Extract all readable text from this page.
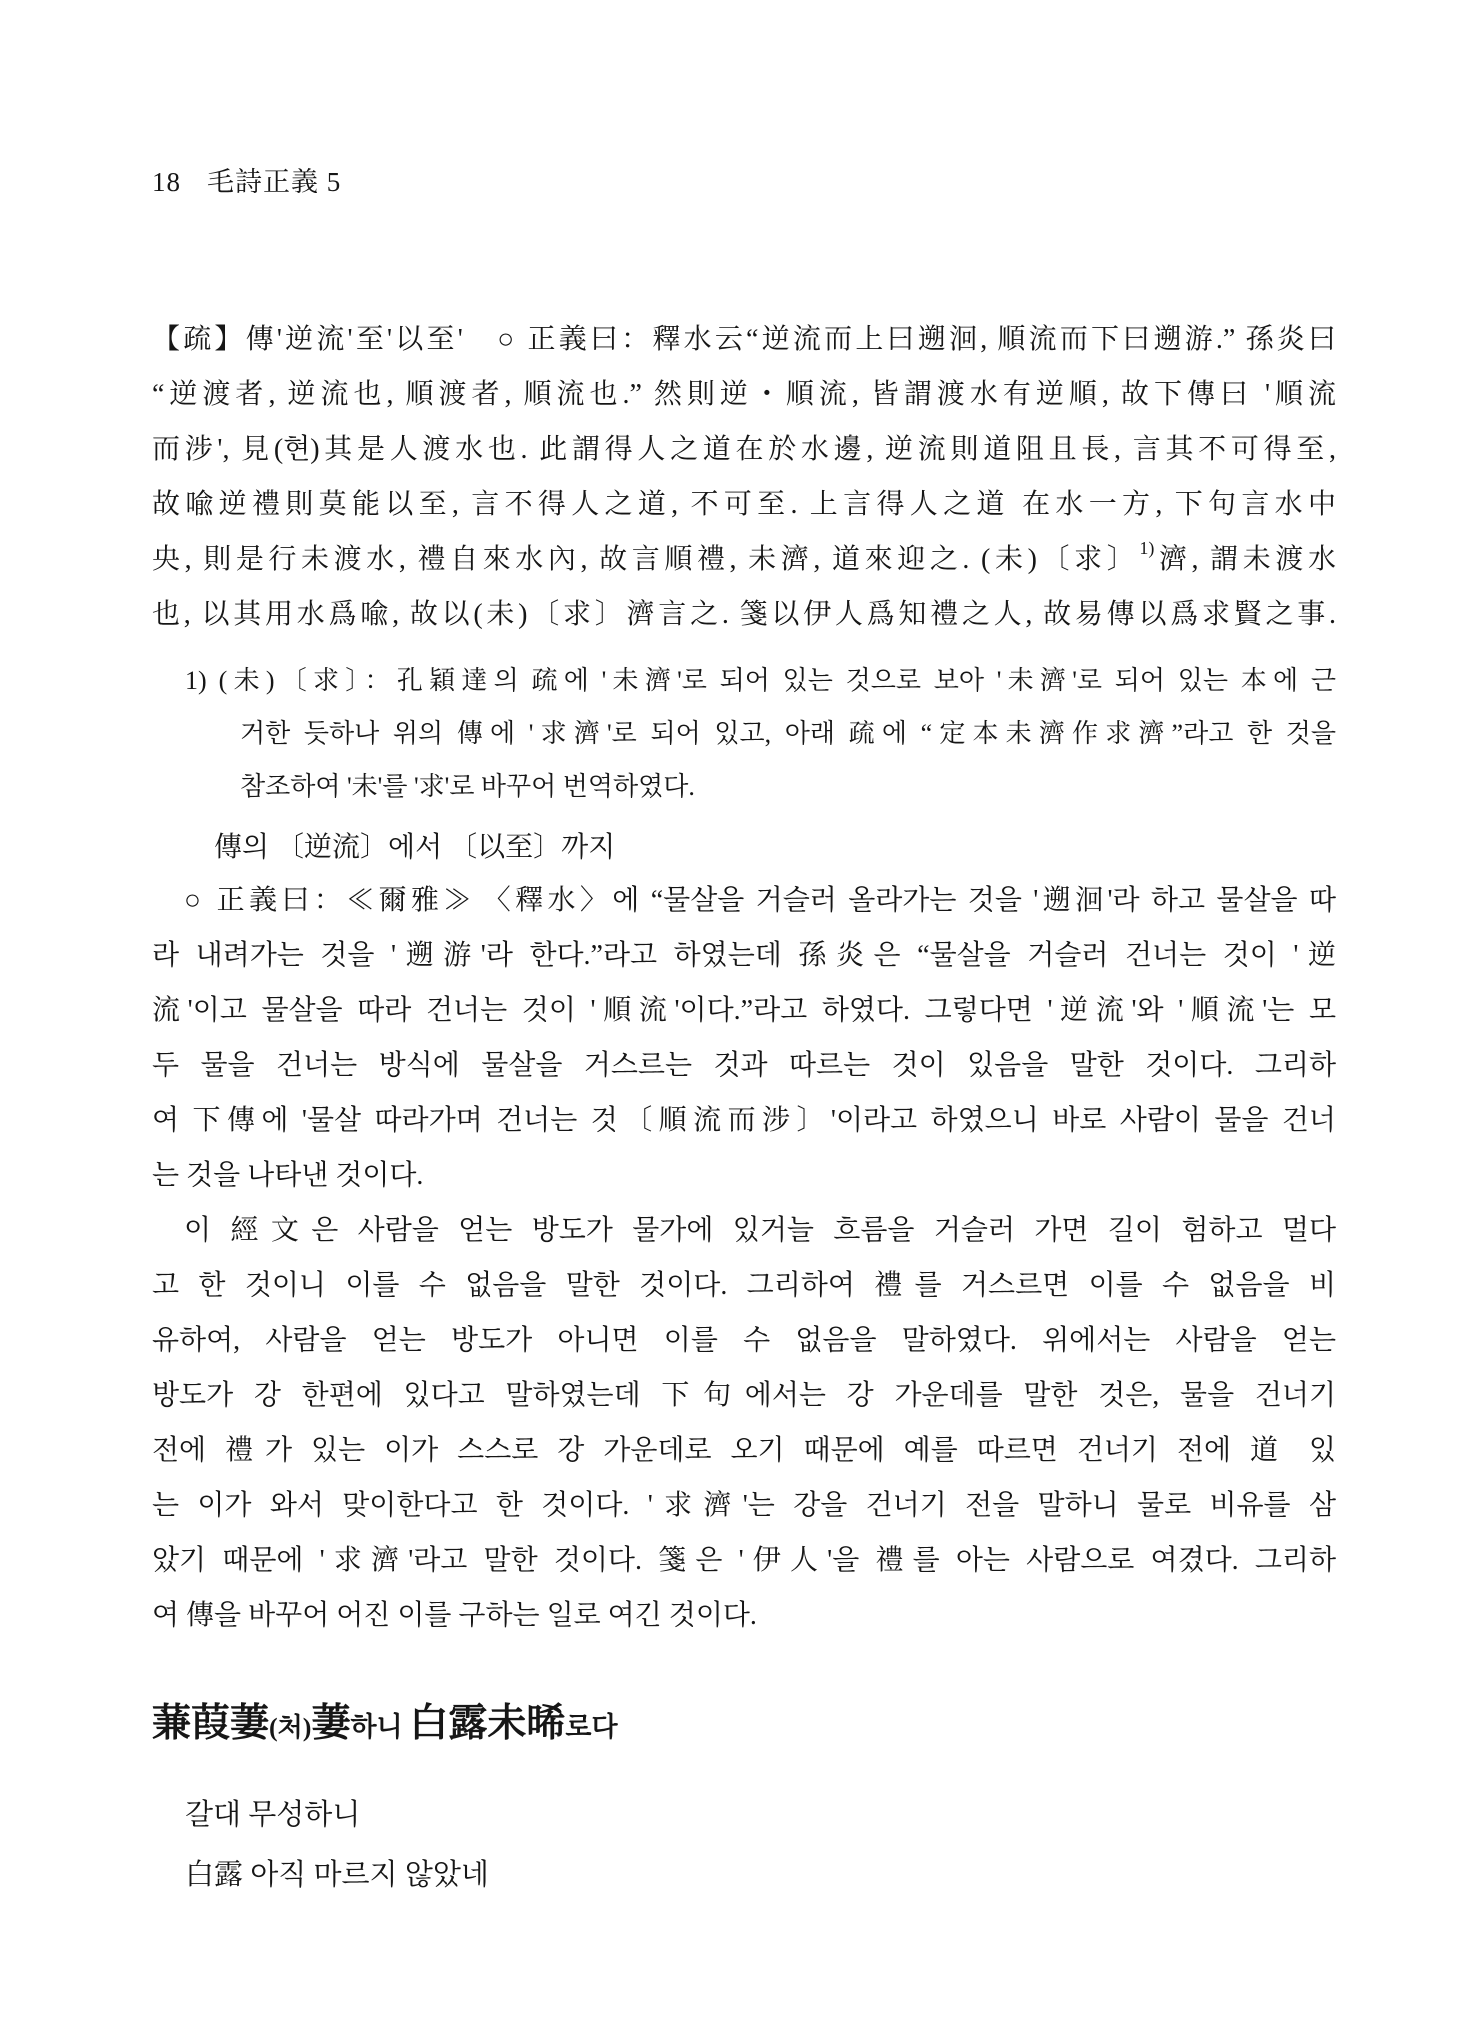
18 毛詩正義 5
【疏】傳'逆流'至'以至'　○ 正義曰：釋水云“逆流而上曰遡洄, 順流而下曰遡游.” 孫炎曰
“逆渡者, 逆流也, 順渡者, 順流也.” 然則逆・順流, 皆謂渡水有逆順, 故下傳曰 '順流
而涉', 見(현)其是人渡水也. 此謂得人之道在於水邊, 逆流則道阻且長, 言其不可得至,
故喩逆禮則莫能以至, 言不得人之道, 不可至. 上言得人之道 在水一方, 下句言水中
央, 則是行未渡水, 禮自來水內, 故言順禮, 未濟, 道來迎之. (未)〔求〕$^{1)}$濟, 謂未渡水
也, 以其用水爲喩, 故以(未)〔求〕濟言之. 箋以伊人爲知禮之人, 故易傳以爲求賢之事.
1) (未)〔求〕：孔穎達의 疏에 '未濟'로 되어 있는 것으로 보아 '未濟'로 되어 있는 本에 근
거한 듯하나 위의 傳에 '求濟'로 되어 있고, 아래 疏에 “定本未濟作求濟”라고 한 것을
참조하여 '未'를 '求'로 바꾸어 번역하였다.
傳의 〔逆流〕에서 〔以至〕까지
○ 正義曰：≪爾雅≫ 〈釋水〉에 “물살을 거슬러 올라가는 것을 '遡洄'라 하고 물살을 따
라 내려가는 것을 '遡游'라 한다.”라고 하였는데 孫炎은 “물살을 거슬러 건너는 것이 '逆
流'이고 물살을 따라 건너는 것이 '順流'이다.”라고 하였다. 그렇다면 '逆流'와 '順流'는 모
두 물을 건너는 방식에 물살을 거스르는 것과 따르는 것이 있음을 말한 것이다. 그리하
여 下傳에 '물살 따라가며 건너는 것〔順流而涉〕'이라고 하였으니 바로 사람이 물을 건너
는 것을 나타낸 것이다.
이 經文은 사람을 얻는 방도가 물가에 있거늘 흐름을 거슬러 가면 길이 험하고 멀다
고 한 것이니 이를 수 없음을 말한 것이다. 그리하여 禮를 거스르면 이를 수 없음을 비
유하여, 사람을 얻는 방도가 아니면 이를 수 없음을 말하였다. 위에서는 사람을 얻는
방도가 강 한편에 있다고 말하였는데 下句에서는 강 가운데를 말한 것은, 물을 건너기
전에 禮가 있는 이가 스스로 강 가운데로 오기 때문에 예를 따르면 건너기 전에 道 있
는 이가 와서 맞이한다고 한 것이다. '求濟'는 강을 건너기 전을 말하니 물로 비유를 삼
았기 때문에 '求濟'라고 말한 것이다. 箋은 '伊人'을 禮를 아는 사람으로 여겼다. 그리하
여 傳을 바꾸어 어진 이를 구하는 일로 여긴 것이다.
蒹葭萋(처)萋하니 白露未晞로다
갈대 무성하니
白露 아직 마르지 않았네
